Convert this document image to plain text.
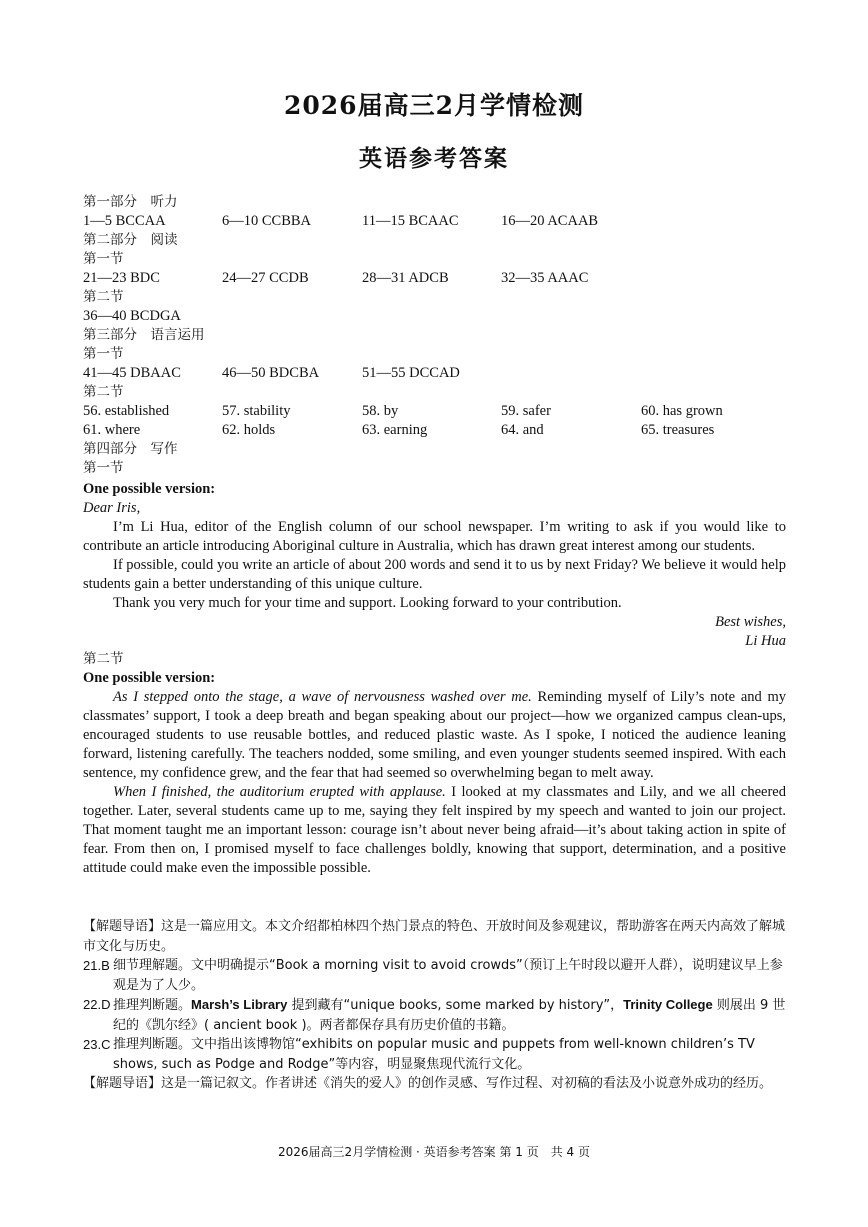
2026届高三2月学情检测
英语参考答案
第一部分　听力
1—5 BCCAA	6—10 CCBBA	11—15 BCAAC	16—20 ACAAB
第二部分　阅读
第一节
21—23 BDC	24—27 CCDB	28—31 ADCB	32—35 AAAC
第二节
36—40 BCDGA
第三部分　语言运用
第一节
41—45 DBAAC	46—50 BDCBA	51—55 DCCAD
第二节
56. established	57. stability	58. by	59. safer	60. has grown
61. where	62. holds	63. earning	64. and	65. treasures
第四部分　写作
第一节
One possible version:
Dear Iris,

I’m Li Hua, editor of the English column of our school newspaper. I’m writing to ask if you would like to contribute an article introducing Aboriginal culture in Australia, which has drawn great interest among our students.

If possible, could you write an article of about 200 words and send it to us by next Friday? We believe it would help students gain a better understanding of this unique culture.

Thank you very much for your time and support. Looking forward to your contribution.

Best wishes,
Li Hua
第二节
One possible version:

As I stepped onto the stage, a wave of nervousness washed over me. Reminding myself of Lily’s note and my classmates’ support, I took a deep breath and began speaking about our project—how we organized campus clean-ups, encouraged students to use reusable bottles, and reduced plastic waste. As I spoke, I noticed the audience leaning forward, listening carefully. The teachers nodded, some smiling, and even younger students seemed inspired. With each sentence, my confidence grew, and the fear that had seemed so overwhelming began to melt away.

When I finished, the auditorium erupted with applause. I looked at my classmates and Lily, and we all cheered together. Later, several students came up to me, saying they felt inspired by my speech and wanted to join our project. That moment taught me an important lesson: courage isn’t about never being afraid—it’s about taking action in spite of fear. From then on, I promised myself to face challenges boldly, knowing that support, determination, and a positive attitude could make even the impossible possible.

【解题导语】这是一篇应用文。本文介绍都柏林四个热门景点的特色、开放时间及参观建议，帮助游客在两天内高效了解城市文化与历史。
21.B 细节理解题。文中明确提示“Book a morning visit to avoid crowds”（预订上午时段以避开人群），说明建议早上参观是为了人少。
22.D 推理判断题。Marsh’s Library 提到藏有“unique books, some marked by history”，Trinity College 则展出 9 世纪的《凯尔经》( ancient book )。两者都保存具有历史价值的书籍。
23.C 推理判断题。文中指出该博物馆“exhibits on popular music and puppets from well-known children’s TV shows, such as Podge and Rodge”等内容，明显聚焦现代流行文化。
【解题导语】这是一篇记叙文。作者讲述《消失的爱人》的创作灵感、写作过程、对初稿的看法及小说意外成功的经历。
2026届高三2月学情检测 · 英语参考答案 第 1 页　共 4 页
